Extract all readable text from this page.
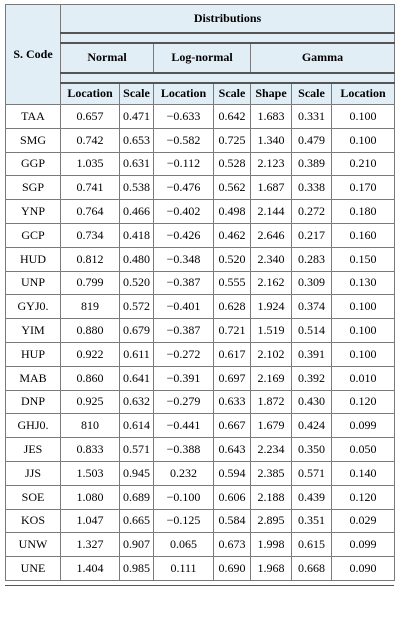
S. Code	Distributions						

	Normal		Log-normal		Gamma		

	Location	Scale	Location	Scale	Shape	Scale	Location
TAA	0.657	0.471	−0.633	0.642	1.683	0.331	0.100
SMG	0.742	0.653	−0.582	0.725	1.340	0.479	0.100
GGP	1.035	0.631	−0.112	0.528	2.123	0.389	0.210
SGP	0.741	0.538	−0.476	0.562	1.687	0.338	0.170
YNP	0.764	0.466	−0.402	0.498	2.144	0.272	0.180
GCP	0.734	0.418	−0.426	0.462	2.646	0.217	0.160
HUD	0.812	0.480	−0.348	0.520	2.340	0.283	0.150
UNP	0.799	0.520	−0.387	0.555	2.162	0.309	0.130
GYJ0.	819	0.572	−0.401	0.628	1.924	0.374	0.100
YIM	0.880	0.679	−0.387	0.721	1.519	0.514	0.100
HUP	0.922	0.611	−0.272	0.617	2.102	0.391	0.100
MAB	0.860	0.641	−0.391	0.697	2.169	0.392	0.010
DNP	0.925	0.632	−0.279	0.633	1.872	0.430	0.120
GHJ0.	810	0.614	−0.441	0.667	1.679	0.424	0.099
JES	0.833	0.571	−0.388	0.643	2.234	0.350	0.050
JJS	1.503	0.945	0.232	0.594	2.385	0.571	0.140
SOE	1.080	0.689	−0.100	0.606	2.188	0.439	0.120
KOS	1.047	0.665	−0.125	0.584	2.895	0.351	0.029
UNW	1.327	0.907	0.065	0.673	1.998	0.615	0.099
UNE	1.404	0.985	0.111	0.690	1.968	0.668	0.090
